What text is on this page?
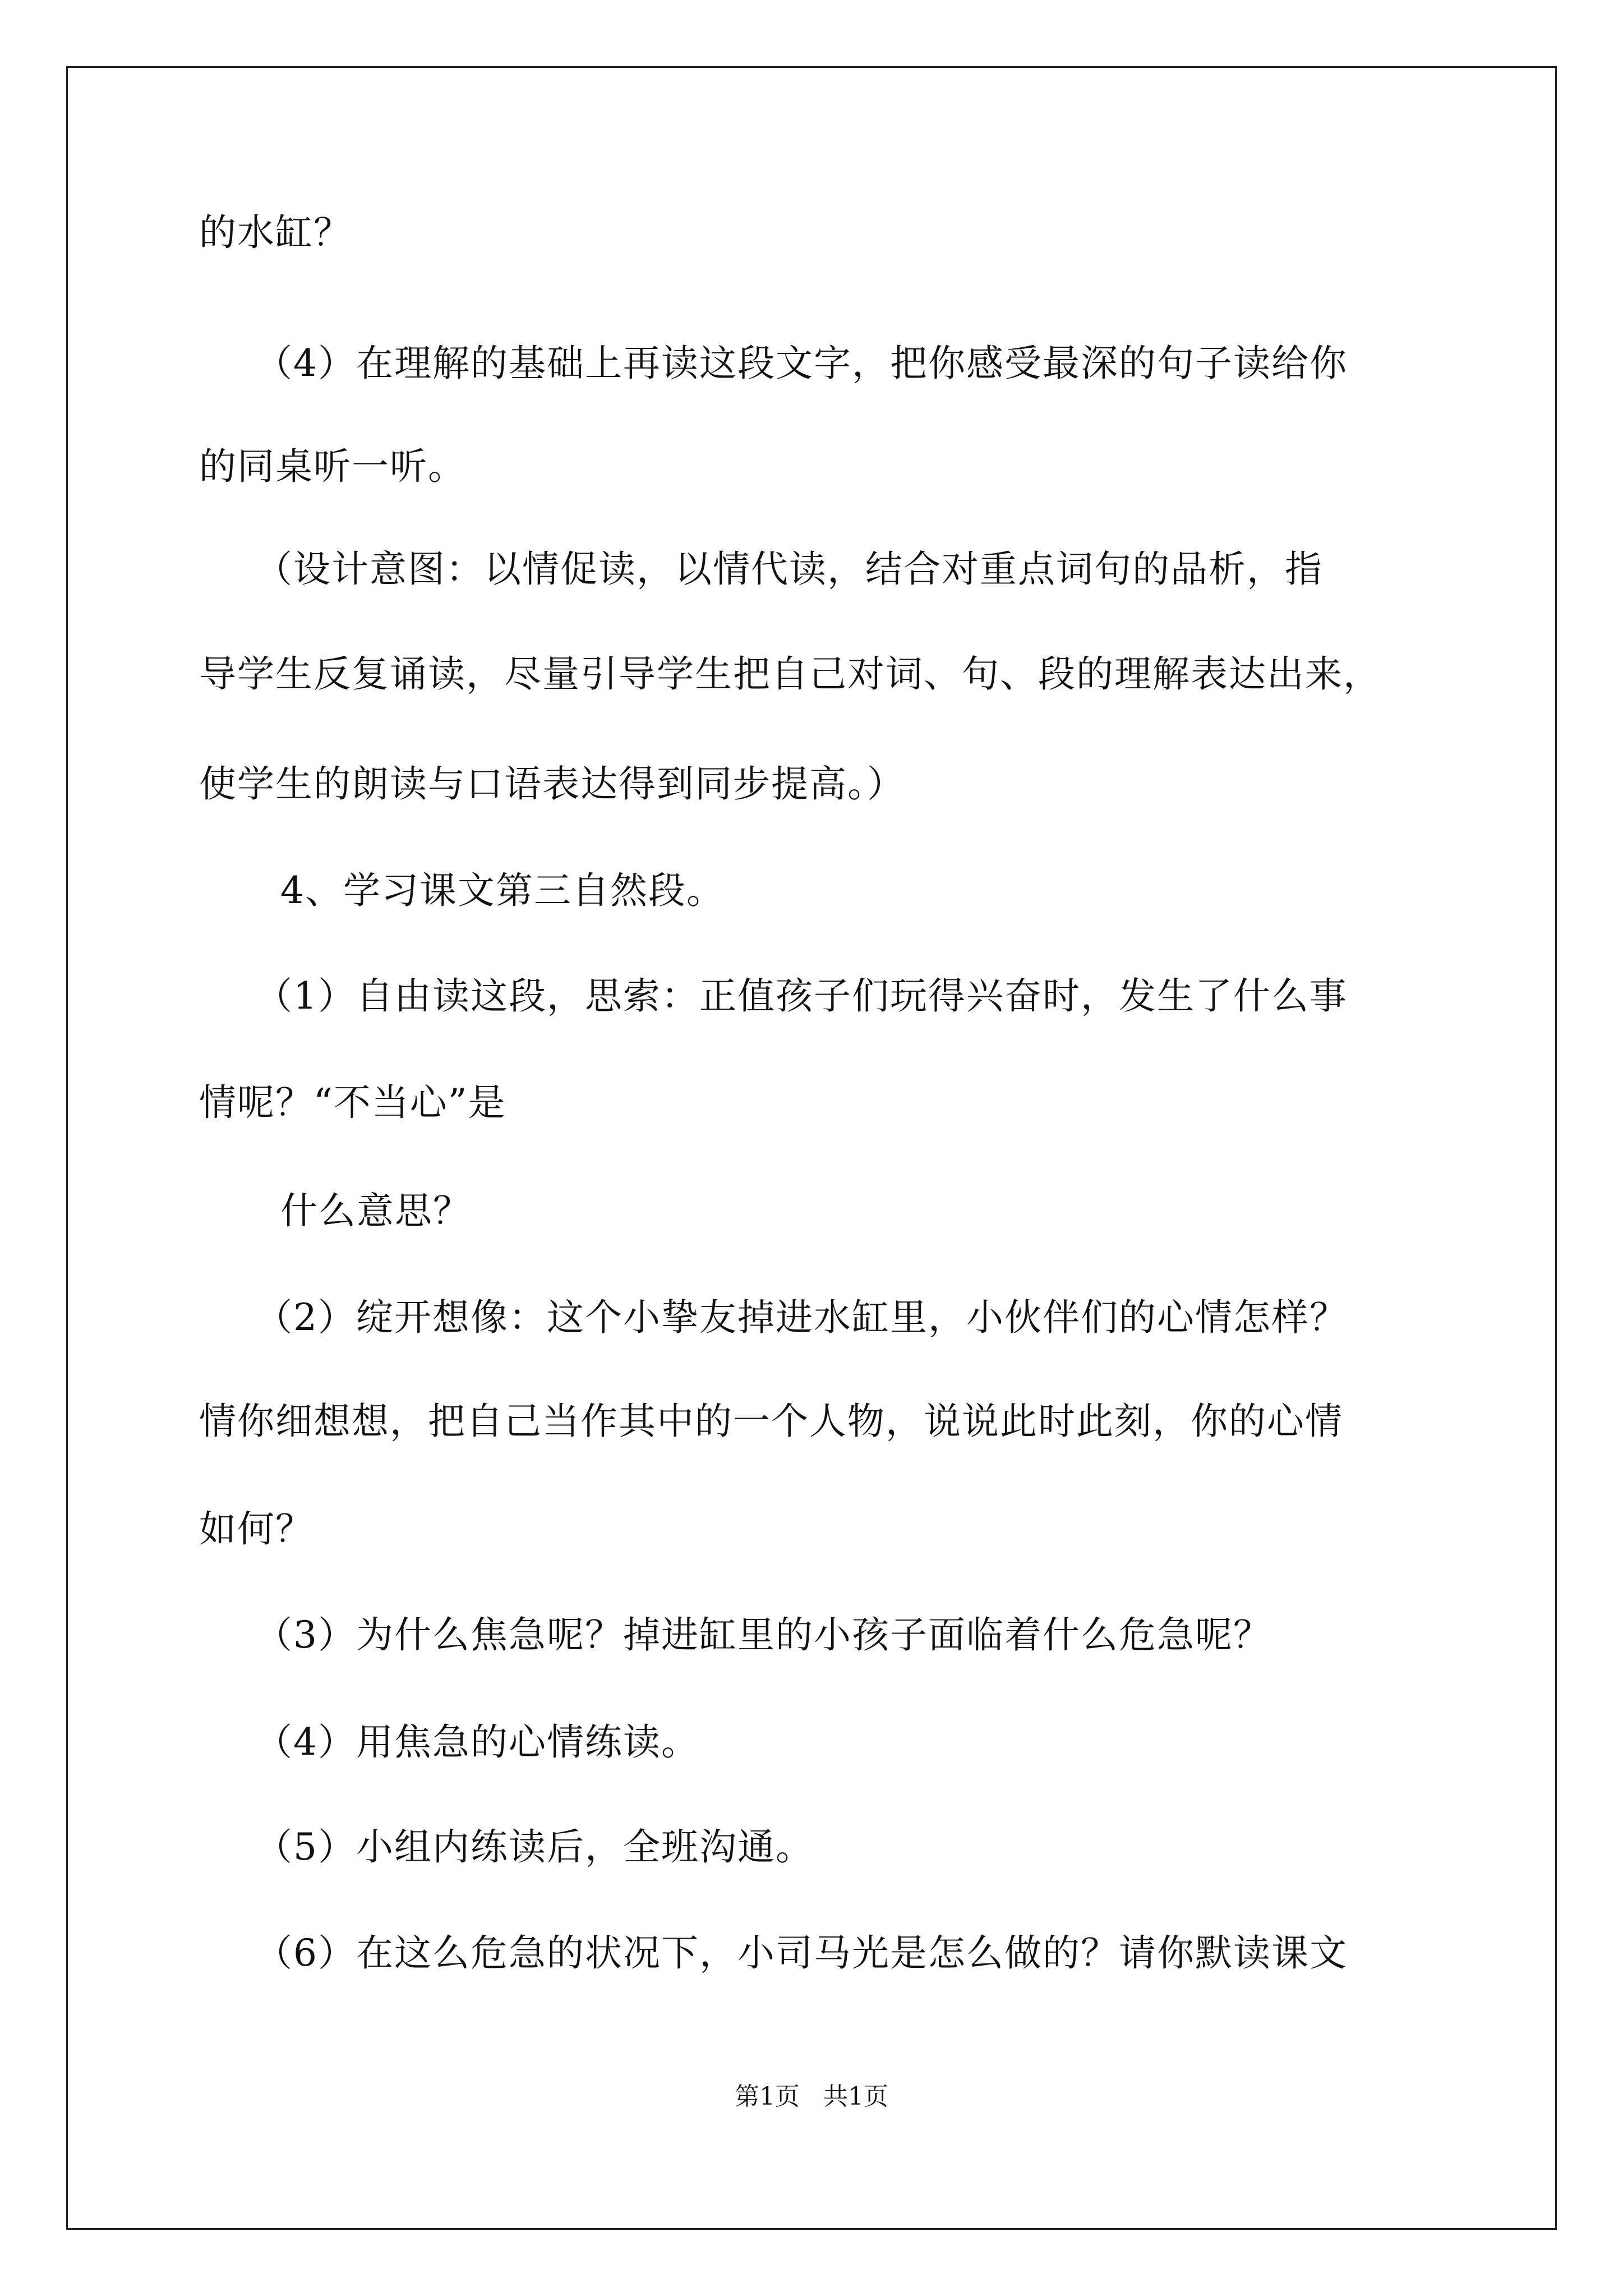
的水缸？
（4）在理解的基础上再读这段文字，把你感受最深的句子读给你
的同桌听一听。
（设计意图：以情促读，以情代读，结合对重点词句的品析，指
导学生反复诵读，尽量引导学生把自己对词、句、段的理解表达出来，
使学生的朗读与口语表达得到同步提高。）
4、学习课文第三自然段。
（1）自由读这段，思索：正值孩子们玩得兴奋时，发生了什么事
情呢？“不当心”是
什么意思？
（2）绽开想像：这个小挚友掉进水缸里，小伙伴们的心情怎样？
情你细想想，把自己当作其中的一个人物，说说此时此刻，你的心情
如何？
（3）为什么焦急呢？掉进缸里的小孩子面临着什么危急呢？
（4）用焦急的心情练读。
（5）小组内练读后，全班沟通。
（6）在这么危急的状况下，小司马光是怎么做的？请你默读课文
第1页   共1页
